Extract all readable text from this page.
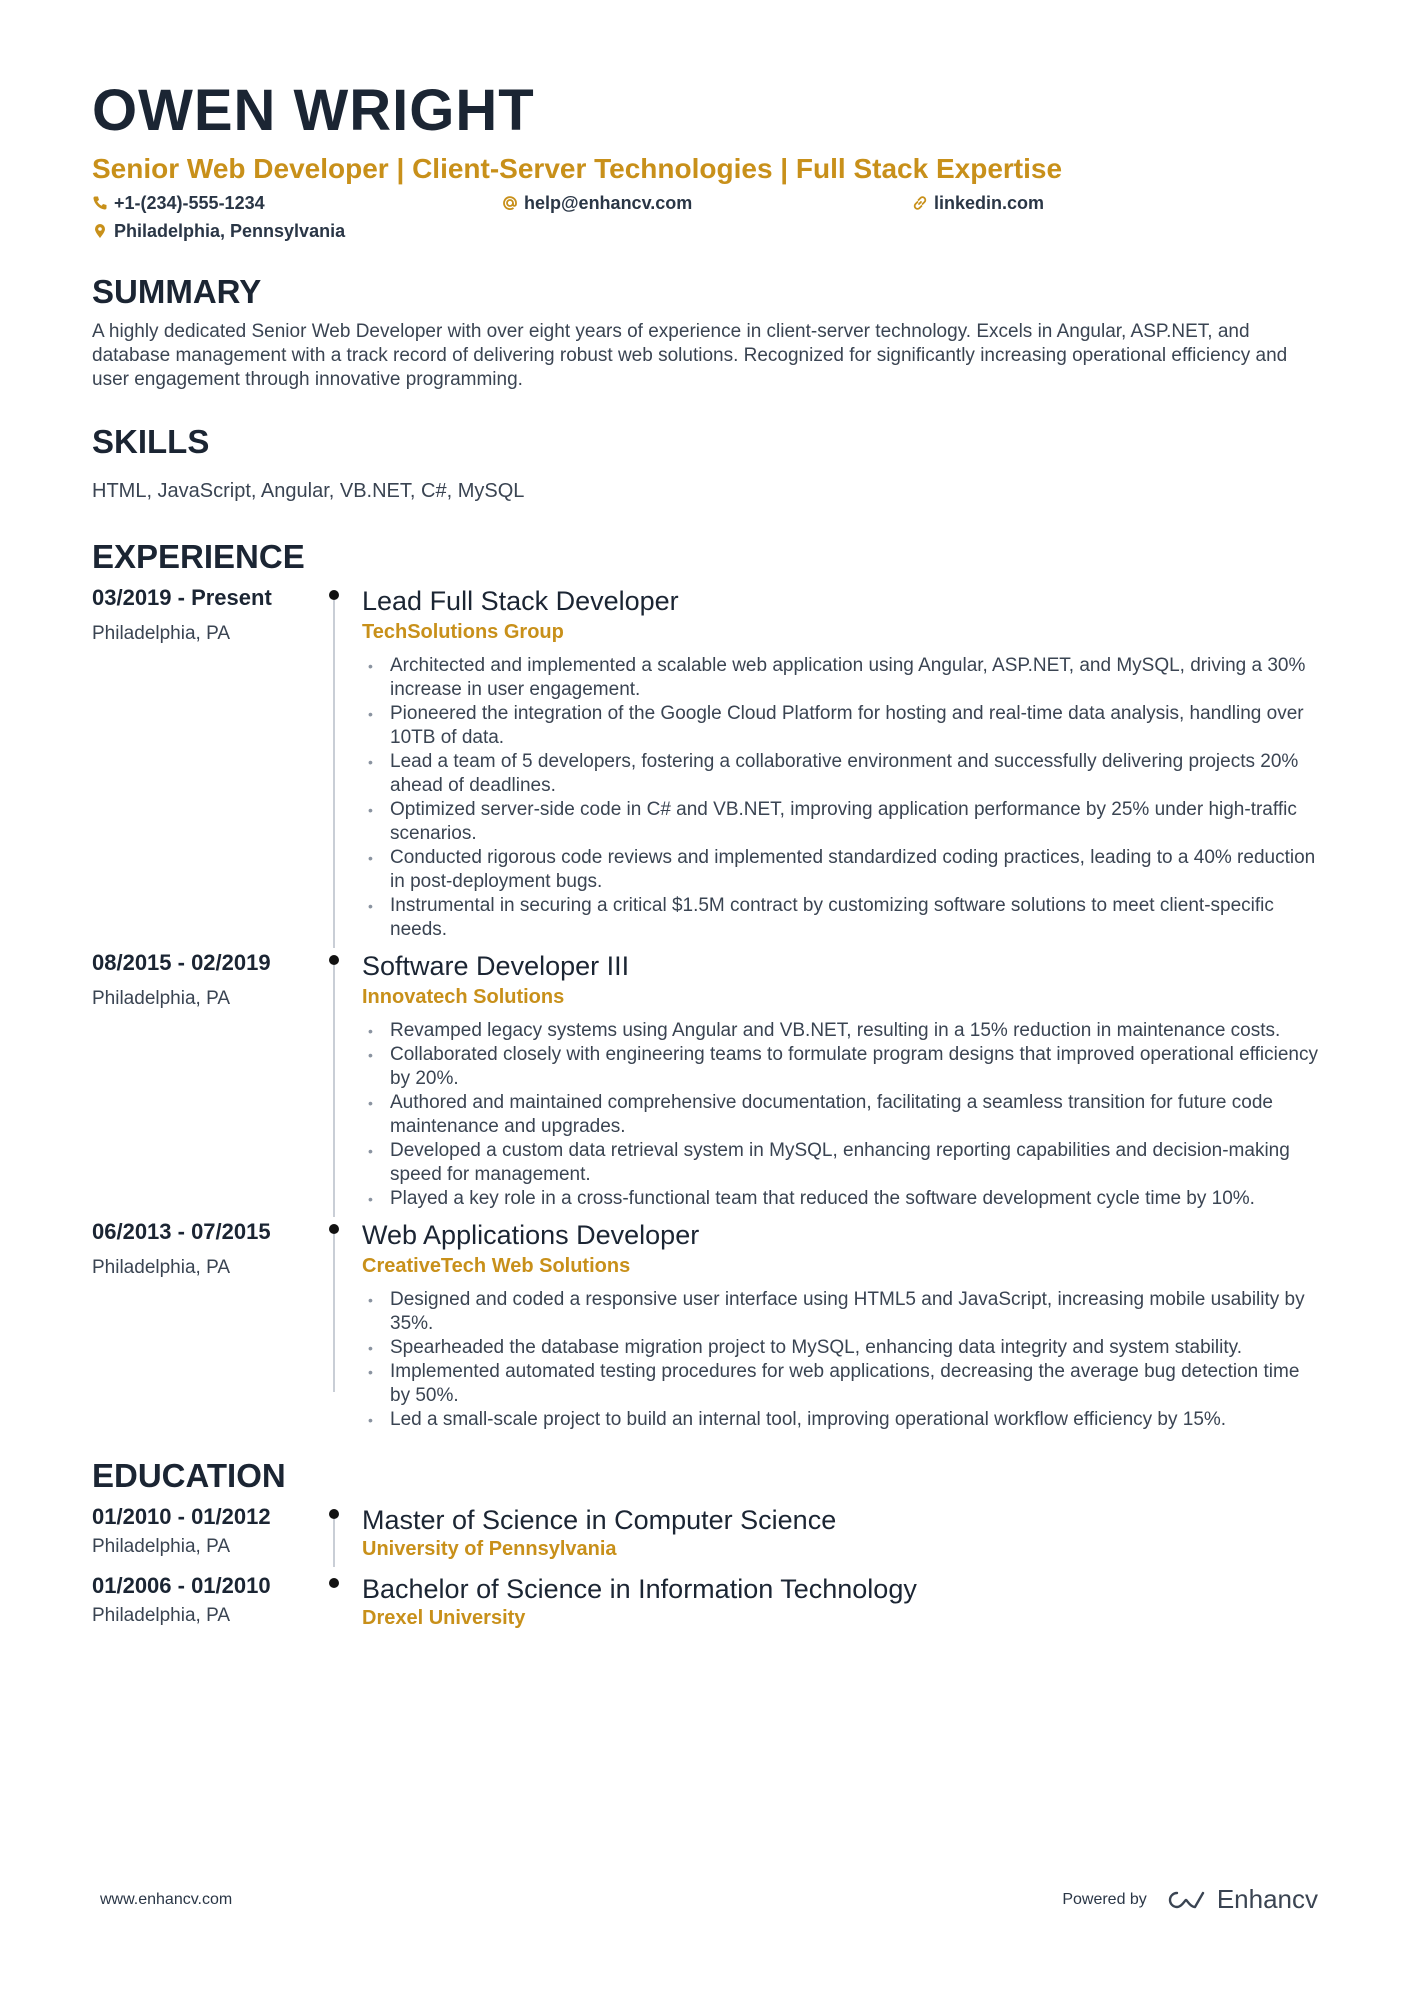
OWEN WRIGHT
Senior Web Developer | Client-Server Technologies | Full Stack Expertise
+1-(234)-555-1234	help@enhancv.com	linkedin.com
Philadelphia, Pennsylvania
SUMMARY

A highly dedicated Senior Web Developer with over eight years of experience in client-server technology. Excels in Angular, ASP.NET, and database management with a track record of delivering robust web solutions. Recognized for significantly increasing operational efficiency and user engagement through innovative programming.

SKILLS
HTML, JavaScript, Angular, VB.NET, C#, MySQL
EXPERIENCE
03/2019 - Present
Philadelphia, PA
Lead Full Stack Developer
TechSolutions Group
• Architected and implemented a scalable web application using Angular, ASP.NET, and MySQL, driving a 30% increase in user engagement.
• Pioneered the integration of the Google Cloud Platform for hosting and real-time data analysis, handling over 10TB of data.
• Lead a team of 5 developers, fostering a collaborative environment and successfully delivering projects 20% ahead of deadlines.
• Optimized server-side code in C# and VB.NET, improving application performance by 25% under high-traffic scenarios.
• Conducted rigorous code reviews and implemented standardized coding practices, leading to a 40% reduction in post-deployment bugs.
• Instrumental in securing a critical $1.5M contract by customizing software solutions to meet client-specific needs.
08/2015 - 02/2019
Philadelphia, PA
Software Developer III
Innovatech Solutions
• Revamped legacy systems using Angular and VB.NET, resulting in a 15% reduction in maintenance costs.
• Collaborated closely with engineering teams to formulate program designs that improved operational efficiency by 20%.
• Authored and maintained comprehensive documentation, facilitating a seamless transition for future code maintenance and upgrades.
• Developed a custom data retrieval system in MySQL, enhancing reporting capabilities and decision-making speed for management.
• Played a key role in a cross-functional team that reduced the software development cycle time by 10%.
06/2013 - 07/2015
Philadelphia, PA
Web Applications Developer
CreativeTech Web Solutions
• Designed and coded a responsive user interface using HTML5 and JavaScript, increasing mobile usability by 35%.
• Spearheaded the database migration project to MySQL, enhancing data integrity and system stability.
• Implemented automated testing procedures for web applications, decreasing the average bug detection time by 50%.
• Led a small-scale project to build an internal tool, improving operational workflow efficiency by 15%.
EDUCATION
01/2010 - 01/2012
Philadelphia, PA
Master of Science in Computer Science
University of Pennsylvania
01/2006 - 01/2010
Philadelphia, PA
Bachelor of Science in Information Technology
Drexel University
www.enhancv.com	Powered by	Enhancv
